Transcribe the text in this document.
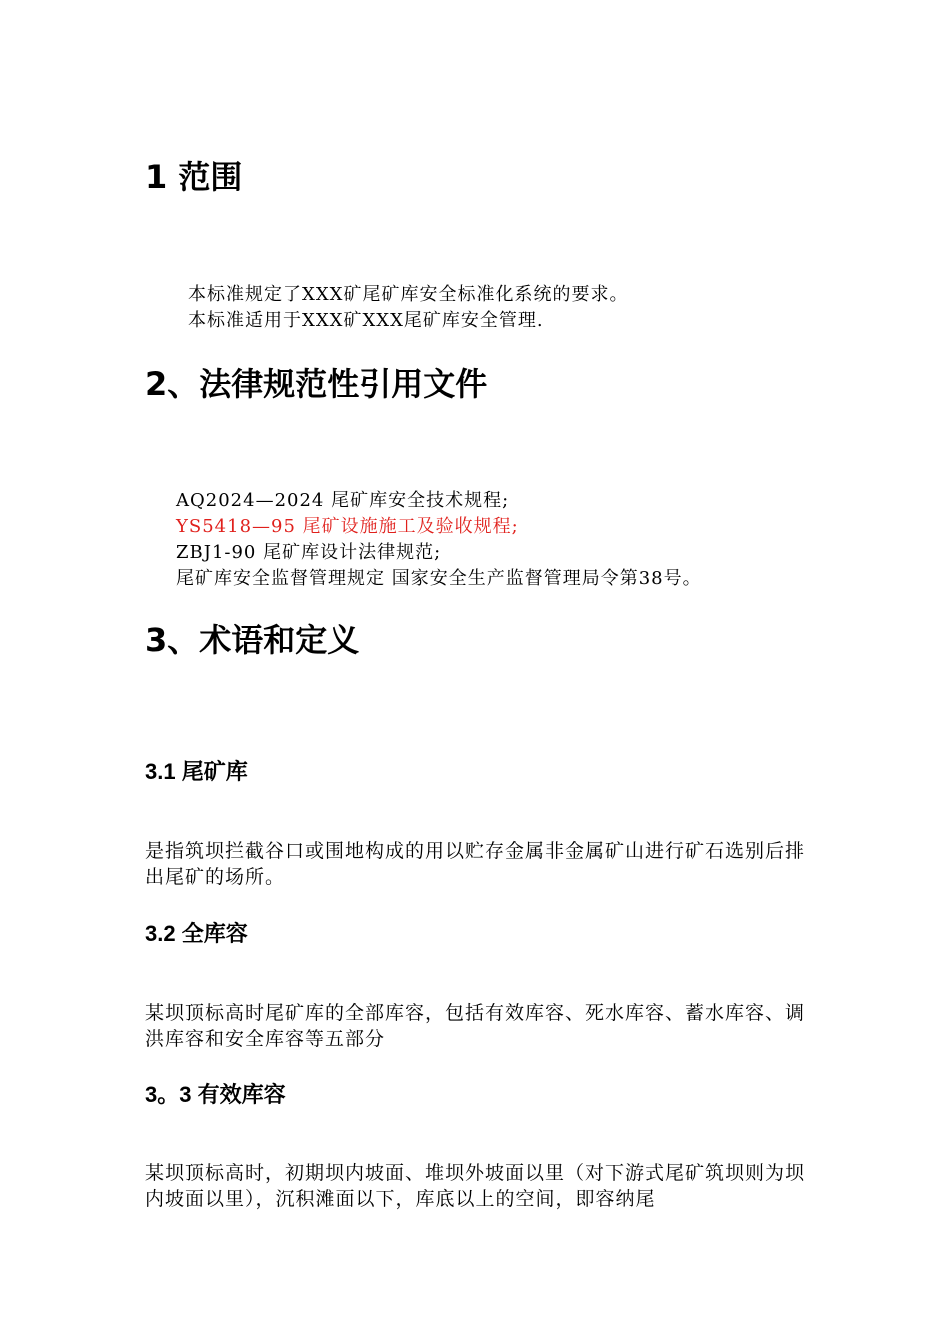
1 范围
本标准规定了XXX矿尾矿库安全标准化系统的要求。
本标准适用于XXX矿XXX尾矿库安全管理.
2、法律规范性引用文件
AQ2024—2024 尾矿库安全技术规程;
YS5418—95 尾矿设施施工及验收规程;
ZBJ1-90 尾矿库设计法律规范;
尾矿库安全监督管理规定 国家安全生产监督管理局令第38号。
3、术语和定义
3.1 尾矿库

是指筑坝拦截谷口或围地构成的用以贮存金属非金属矿山进行矿石选别后排出尾矿的场所。

3.2 全库容

某坝顶标高时尾矿库的全部库容，包括有效库容、死水库容、蓄水库容、调洪库容和安全库容等五部分

3。3 有效库容

某坝顶标高时，初期坝内坡面、堆坝外坡面以里（对下游式尾矿筑坝则为坝内坡面以里），沉积滩面以下，库底以上的空间，即容纳尾
